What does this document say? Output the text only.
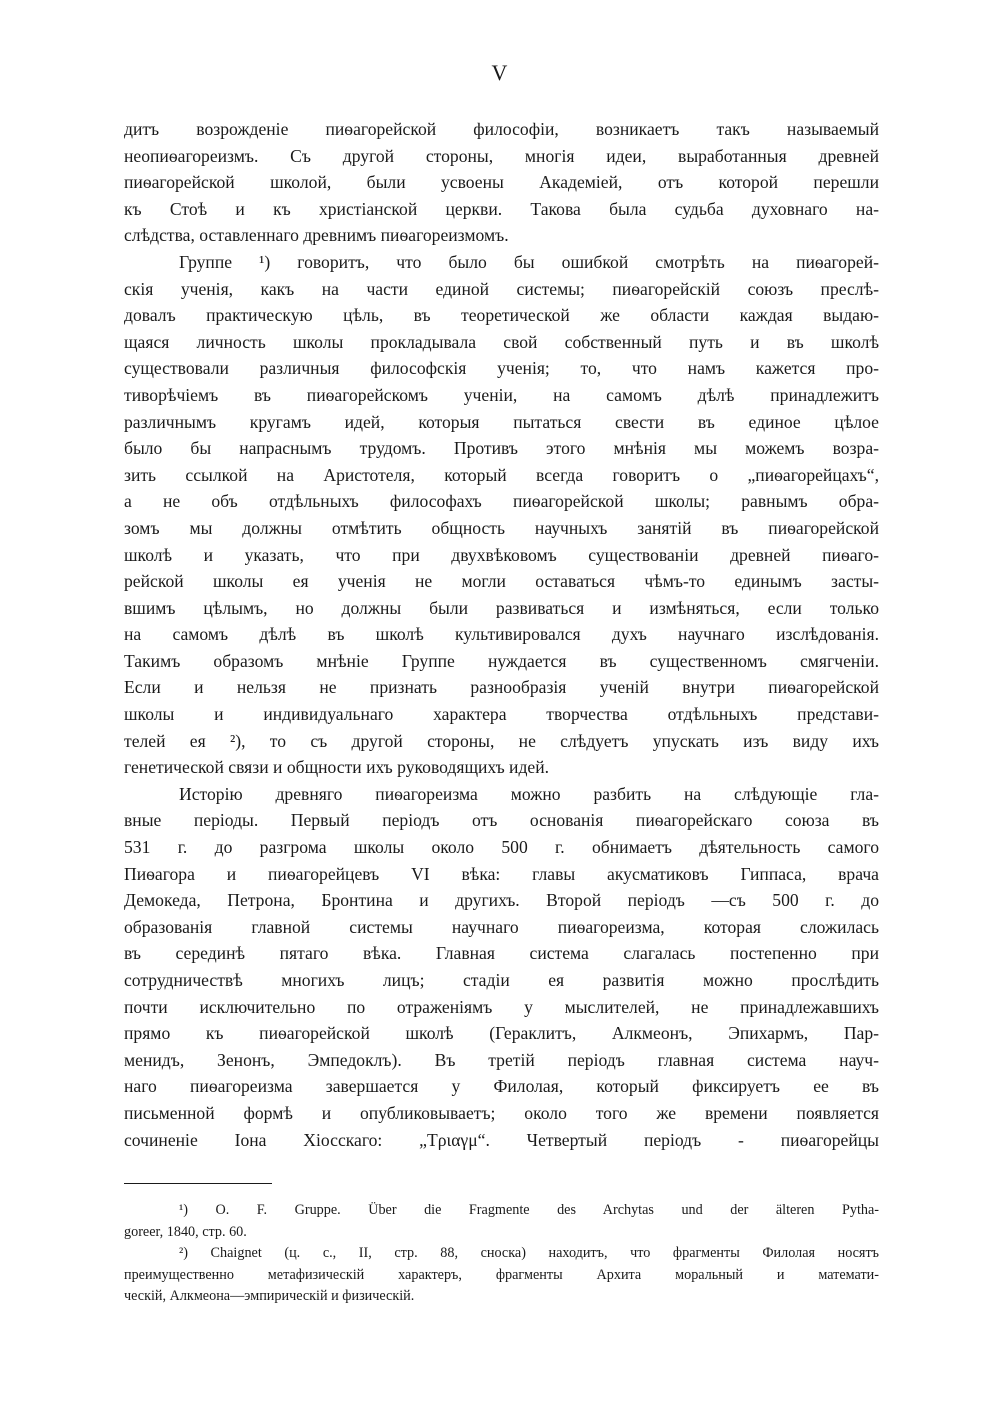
V
дитъ возрожденіе пиѳагорейской философіи, возникаетъ такъ называемый
неопиѳагореизмъ. Съ другой стороны, многія идеи, выработанныя древней
пиѳагорейской школой, были усвоены Академіей, отъ которой перешли
къ Стоѣ и къ христіанской церкви. Такова была судьба духовнаго на-
слѣдства, оставленнаго древнимъ пиѳагореизмомъ.
Группе ¹) говоритъ, что было бы ошибкой смотрѣть на пиѳагорей-
скія ученія, какъ на части единой системы; пиѳагорейскій союзъ преслѣ-
довалъ практическую цѣль, въ теоретической же области каждая выдаю-
щаяся личность школы прокладывала свой собственный путь и въ школѣ
существовали различныя философскія ученія; то, что намъ кажется про-
тиворѣчіемъ въ пиѳагорейскомъ ученіи, на самомъ дѣлѣ принадлежитъ
различнымъ кругамъ идей, которыя пытаться свести въ единое цѣлое
было бы напраснымъ трудомъ. Противъ этого мнѣнія мы можемъ возра-
зить ссылкой на Аристотеля, который всегда говоритъ о „пиѳагорейцахъ“,
а не объ отдѣльныхъ философахъ пиѳагорейской школы; равнымъ обра-
зомъ мы должны отмѣтить общность научныхъ занятій въ пиѳагорейской
школѣ и указать, что при двухвѣковомъ существованіи древней пиѳаго-
рейской школы ея ученія не могли оставаться чѣмъ-то единымъ засты-
вшимъ цѣлымъ, но должны были развиваться и измѣняться, если только
на самомъ дѣлѣ въ школѣ культивировался духъ научнаго изслѣдованія.
Такимъ образомъ мнѣніе Группе нуждается въ существенномъ смягченіи.
Если и нельзя не признать разнообразія ученій внутри пиѳагорейской
школы и индивидуальнаго характера творчества отдѣльныхъ представи-
телей ея ²), то съ другой стороны, не слѣдуетъ упускать изъ виду ихъ
генетической связи и общности ихъ руководящихъ идей.
Исторію древняго пиѳагореизма можно разбить на слѣдующіе гла-
вные періоды. Первый періодъ отъ основанія пиѳагорейскаго союза въ
531 г. до разгрома школы около 500 г. обнимаетъ дѣятельность самого
Пиѳагора и пиѳагорейцевъ VI вѣка: главы акусматиковъ Гиппаса, врача
Демокеда, Петрона, Бронтина и другихъ. Второй періодъ —съ 500 г. до
образованія главной системы научнаго пиѳагореизма, которая сложилась
въ серединѣ пятаго вѣка. Главная система слагалась постепенно при
сотрудничествѣ многихъ лицъ; стадіи ея развитія можно прослѣдить
почти исключительно по отраженіямъ у мыслителей, не принадлежавшихъ
прямо къ пиѳагорейской школѣ (Гераклитъ, Алкмеонъ, Эпихармъ, Пар-
менидъ, Зенонъ, Эмпедоклъ). Въ третій періодъ главная система науч-
наго пиѳагореизма завершается у Филолая, который фиксируетъ ее въ
письменной формѣ и опубликовываетъ; около того же времени появляется
сочиненіе Іона Хіосскаго: „Τριαγμ“. Четвертый періодъ - пиѳагорейцы
¹) O. F. Gruppe. Über die Fragmente des Archytas und der älteren Pytha-
goreer, 1840, стр. 60.
²) Chaignet (ц. с., II, стр. 88, сноска) находитъ, что фрагменты Филолая носятъ
преимущественно метафизическій характеръ, фрагменты Архита моральный и математи-
ческій, Алкмеона—эмпирическій и физическій.
